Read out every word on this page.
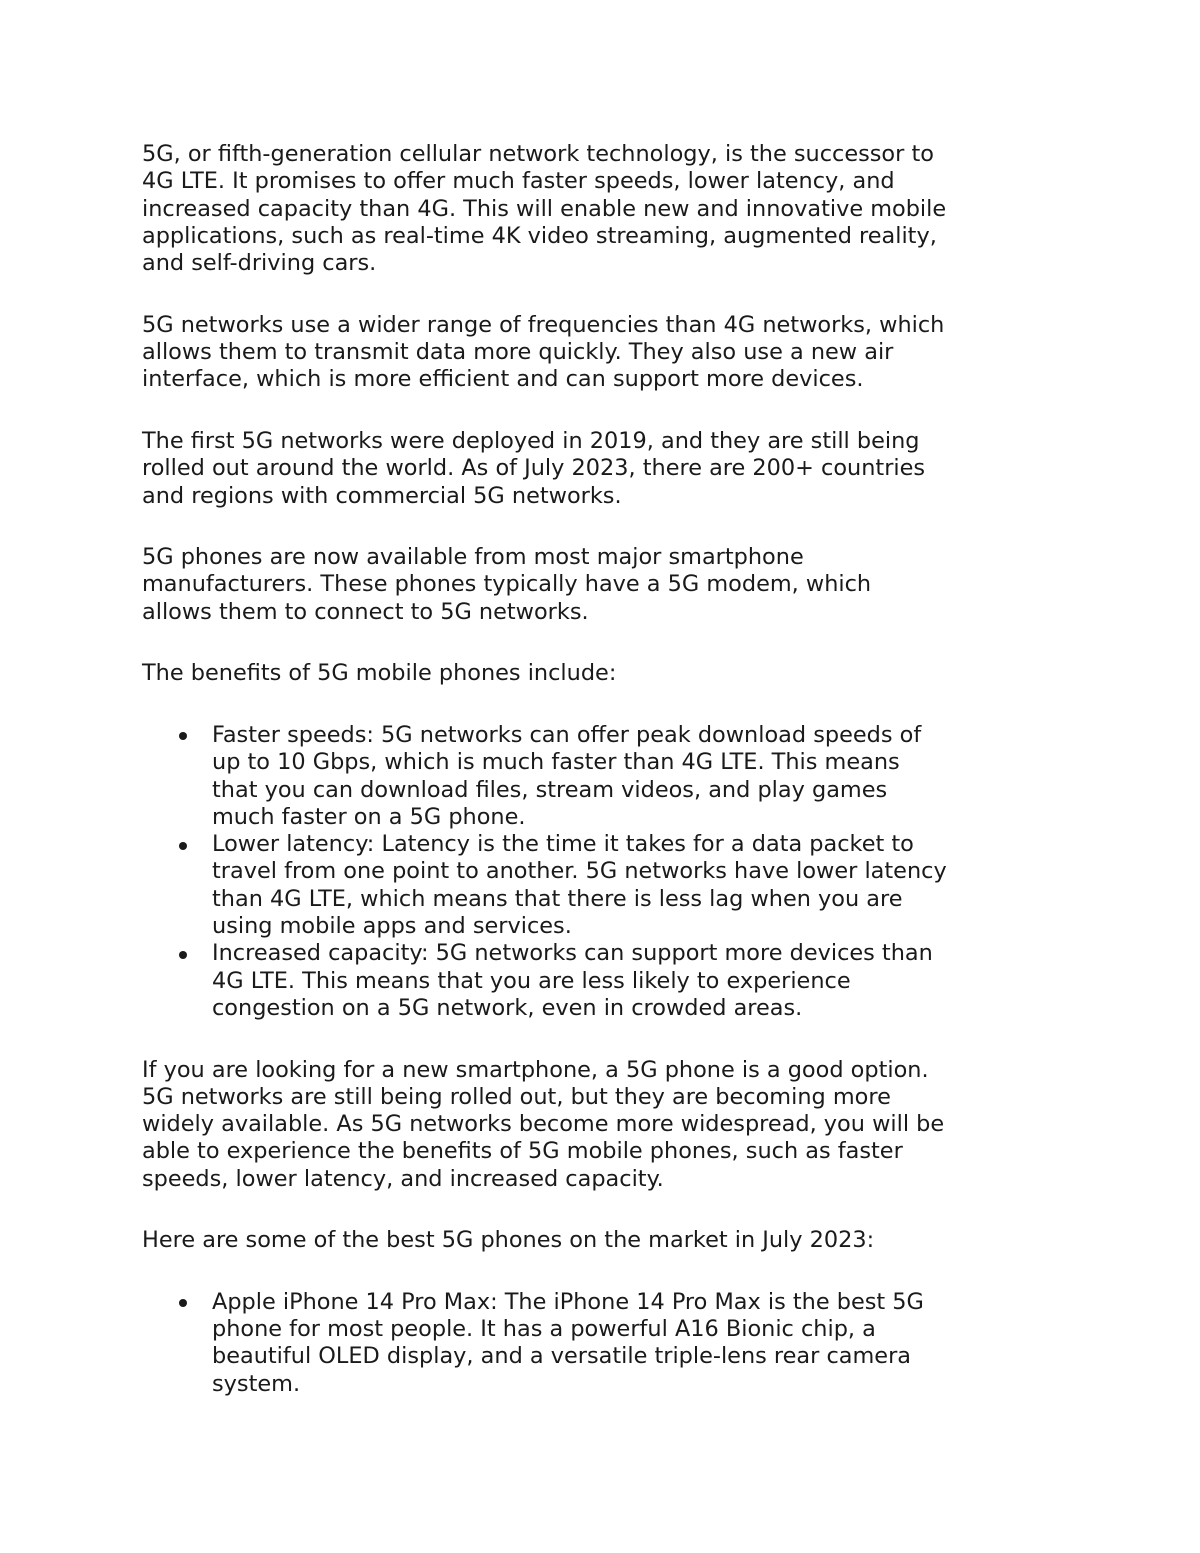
5G, or fifth-generation cellular network technology, is the successor to
4G LTE. It promises to offer much faster speeds, lower latency, and
increased capacity than 4G. This will enable new and innovative mobile
applications, such as real-time 4K video streaming, augmented reality,
and self-driving cars.

5G networks use a wider range of frequencies than 4G networks, which
allows them to transmit data more quickly. They also use a new air
interface, which is more efficient and can support more devices.

The first 5G networks were deployed in 2019, and they are still being
rolled out around the world. As of July 2023, there are 200+ countries
and regions with commercial 5G networks.

5G phones are now available from most major smartphone
manufacturers. These phones typically have a 5G modem, which
allows them to connect to 5G networks.

The benefits of 5G mobile phones include:

Faster speeds: 5G networks can offer peak download speeds of
up to 10 Gbps, which is much faster than 4G LTE. This means
that you can download files, stream videos, and play games
much faster on a 5G phone.
Lower latency: Latency is the time it takes for a data packet to
travel from one point to another. 5G networks have lower latency
than 4G LTE, which means that there is less lag when you are
using mobile apps and services.
Increased capacity: 5G networks can support more devices than
4G LTE. This means that you are less likely to experience
congestion on a 5G network, even in crowded areas.

If you are looking for a new smartphone, a 5G phone is a good option.
5G networks are still being rolled out, but they are becoming more
widely available. As 5G networks become more widespread, you will be
able to experience the benefits of 5G mobile phones, such as faster
speeds, lower latency, and increased capacity.

Here are some of the best 5G phones on the market in July 2023:

Apple iPhone 14 Pro Max: The iPhone 14 Pro Max is the best 5G
phone for most people. It has a powerful A16 Bionic chip, a
beautiful OLED display, and a versatile triple-lens rear camera
system.
